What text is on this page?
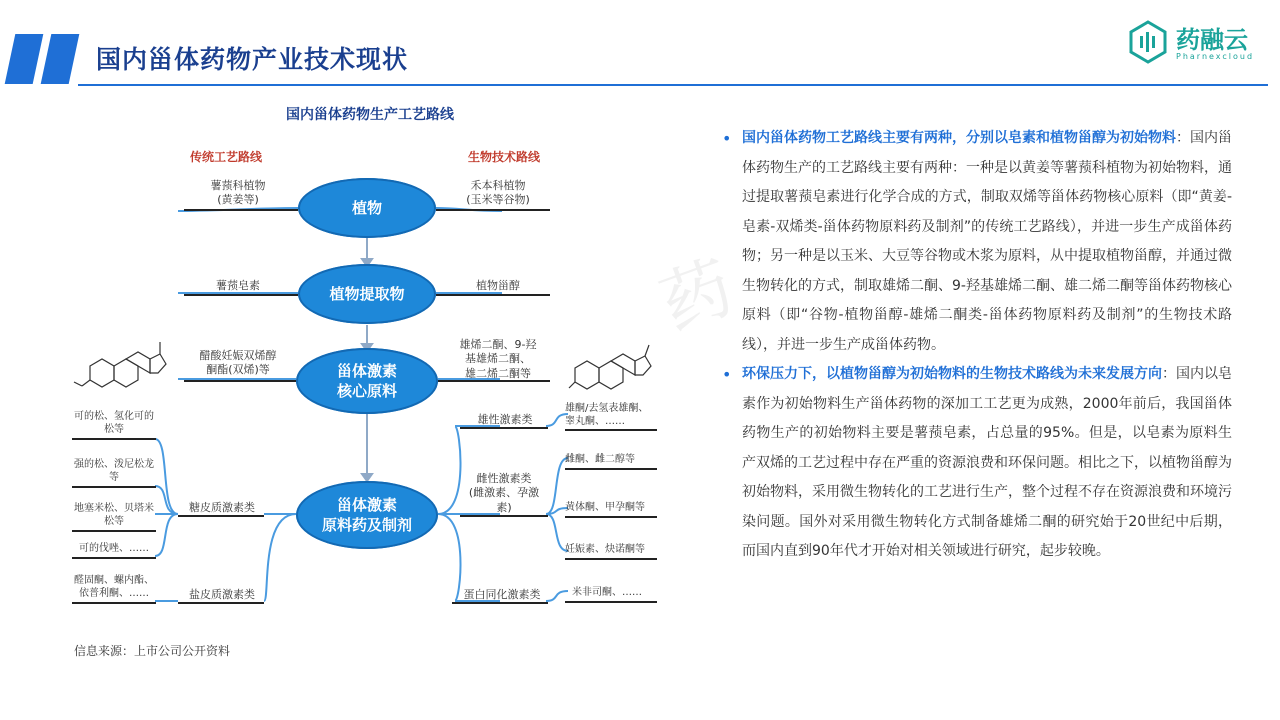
国内甾体药物产业技术现状
药融云
Pharnexcloud
药
国内甾体药物生产工艺路线
传统工艺路线	生物技术路线
植物
植物提取物
甾体激素
核心原料
甾体激素
原料药及制剂
薯蓣科植物
(黄姜等)
薯蓣皂素
醋酸妊娠双烯醇
酮酯(双烯)等
糖皮质激素类
盐皮质激素类
可的松、氢化可的
松等
强的松、泼尼松龙
等
地塞米松、贝塔米
松等
可的伐唑、……
醛固酮、螺内酯、
依普利酮、……
禾本科植物
(玉米等谷物)
植物甾醇
雄烯二酮、9-羟
基雄烯二酮、
雄二烯二酮等
雄性激素类
雌性激素类
(雌激素、孕激
素)
蛋白同化激素类
雄酮/去氢表雄酮、
睾丸酮、……
雌酮、雌二醇等
黄体酮、甲孕酮等
妊娠素、炔诺酮等
米非司酮、……
信息来源：上市公司公开资料
• 国内甾体药物工艺路线主要有两种，分别以皂素和植物甾醇为初始物料：国内甾体药物生产的工艺路线主要有两种：一种是以黄姜等薯蓣科植物为初始物料，通过提取薯蓣皂素进行化学合成的方式，制取双烯等甾体药物核心原料（即“黄姜-皂素-双烯类-甾体药物原料药及制剂”的传统工艺路线），并进一步生产成甾体药物；另一种是以玉米、大豆等谷物或木浆为原料，从中提取植物甾醇，并通过微生物转化的方式，制取雄烯二酮、9-羟基雄烯二酮、雄二烯二酮等甾体药物核心原料（即“谷物-植物甾醇-雄烯二酮类-甾体药物原料药及制剂”的生物技术路线），并进一步生产成甾体药物。
• 环保压力下，以植物甾醇为初始物料的生物技术路线为未来发展方向：国内以皂素作为初始物料生产甾体药物的深加工工艺更为成熟，2000年前后，我国甾体药物生产的初始物料主要是薯蓣皂素，占总量的95%。但是，以皂素为原料生产双烯的工艺过程中存在严重的资源浪费和环保问题。相比之下，以植物甾醇为初始物料，采用微生物转化的工艺进行生产，整个过程不存在资源浪费和环境污染问题。国外对采用微生物转化方式制备雄烯二酮的研究始于20世纪中后期，而国内直到90年代才开始对相关领域进行研究，起步较晚。
